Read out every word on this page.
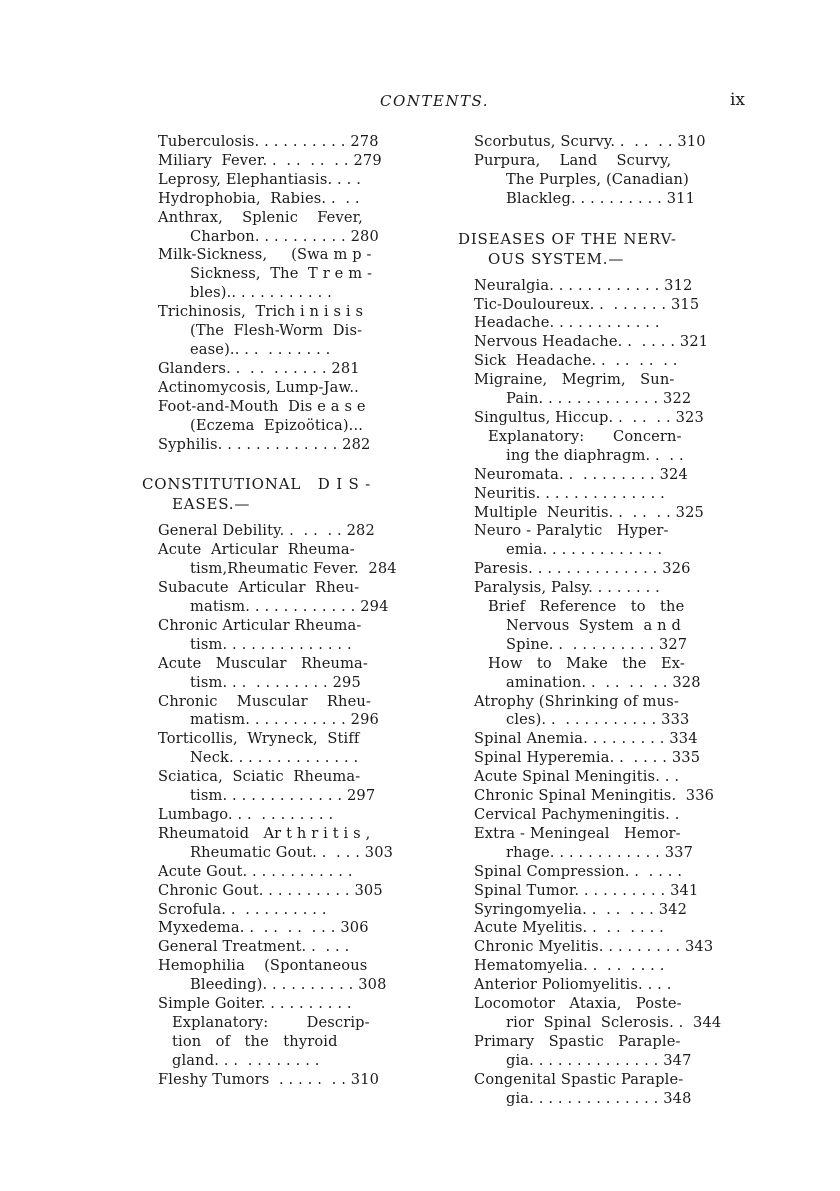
CONTENTS.	ix
Tuberculosis. . . . . . . . . . 278
Miliary  Fever. .  . .  . .  . . 279
Leprosy, Elephantiasis. . . .
Hydrophobia,  Rabies. .  . .
Anthrax,    Splenic    Fever,
Charbon. . . . . . . . . . 280
Milk-Sickness,     (Swa m p -
Sickness,  The  T r e m -
bles).. . . . . . . . . . .
Trichinosis,  Trich i n i s i s
(The  Flesh-Worm  Dis-
ease).. . .  . . . . . . .
Glanders. .  . .  . . . . . . 281
Actinomycosis, Lump-Jaw..
Foot-and-Mouth  Dis e a s e
(Eczema  Epizoötica)...
Syphilis. . . . . . . . . . . . . 282
CONSTITUTIONAL   D I S -
EASES.—
General Debility. .  . .  . . 282
Acute  Articular  Rheuma-
tism,Rheumatic Fever.  284
Subacute  Articular  Rheu-
matism. . . . . . . . . . . . 294
Chronic Articular Rheuma-
tism. . . . . . . . . . . . . .
Acute   Muscular   Rheuma-
tism. . .  . . . . . . . . 295
Chronic    Muscular    Rheu-
matism. . . . . . . . . . . 296
Torticollis,  Wryneck,  Stiff
Neck. . . . . . . . . . . . . .
Sciatica,  Sciatic  Rheuma-
tism. . . . . . . . . . . . . 297
Lumbago. . .  . . . . . . . .
Rheumatoid   Ar t h r i t i s ,
Rheumatic Gout. .  . . . 303
Acute Gout. . . . . . . . . . . .
Chronic Gout. . . . . . . . . . 305
Scrofula. .  . . . . . . . . .
Myxedema. .  . .  . .  . . . 306
General Treatment. .  . . .
Hemophilia    (Spontaneous
Bleeding). . . . . . . . . . 308
Simple Goiter. . . . . . . . . .
Explanatory:        Descrip-
tion   of   the   thyroid
gland. . .  . . . . . . . .
Fleshy Tumors  . . . . .  . . 310
Scorbutus, Scurvy. .  . .  . . 310
Purpura,    Land    Scurvy,
The Purples, (Canadian)
Blackleg. . . . . . . . . . 311
DISEASES OF THE NERV-
OUS SYSTEM.—
Neuralgia. . . . . . . . . . . . 312
Tic-Douloureux. .  . . . . . . 315
Headache. . . . . . . . . . . .
Nervous Headache. .  . . . . 321
Sick  Headache. .  . .  . .  . .
Migraine,   Megrim,   Sun-
Pain. . . . . . . . . . . . . 322
Singultus, Hiccup. .  . .  . . 323
Explanatory:      Concern-
ing the diaphragm. .  . .
Neuromata. .  . . . . . . . . 324
Neuritis. . . . . . . . . . . . . .
Multiple  Neuritis. .  . .  . . 325
Neuro - Paralytic   Hyper-
emia. . . . . . . . . . . . .
Paresis. . . . . . . . . . . . . . 326
Paralysis, Palsy. . . . . . . .
Brief   Reference   to   the
Nervous  System  a n d
Spine. .  . . . . . . . . . 327
How   to   Make   the   Ex-
amination. .  . .  . .  . . 328
Atrophy (Shrinking of mus-
cles). .  . . . . . . . . . . 333
Spinal Anemia. . . . . . . . . 334
Spinal Hyperemia. .  . . . . 335
Acute Spinal Meningitis. . .
Chronic Spinal Meningitis.  336
Cervical Pachymeningitis. .
Extra - Meningeal   Hemor-
rhage. . . . . . . . . . . . 337
Spinal Compression. .  . . . .
Spinal Tumor. . . . . . . . . . 341
Syringomyelia. .  . .  . . . 342
Acute Myelitis. .  . .  . . . .
Chronic Myelitis. . . . . . . . . 343
Hematomyelia. .  . .  . . . .
Anterior Poliomyelitis. . . .
Locomotor   Ataxia,   Poste-
rior  Spinal  Sclerosis. .  344
Primary   Spastic   Paraple-
gia. . . . . . . . . . . . . . 347
Congenital Spastic Paraple-
gia. . . . . . . . . . . . . . 348
